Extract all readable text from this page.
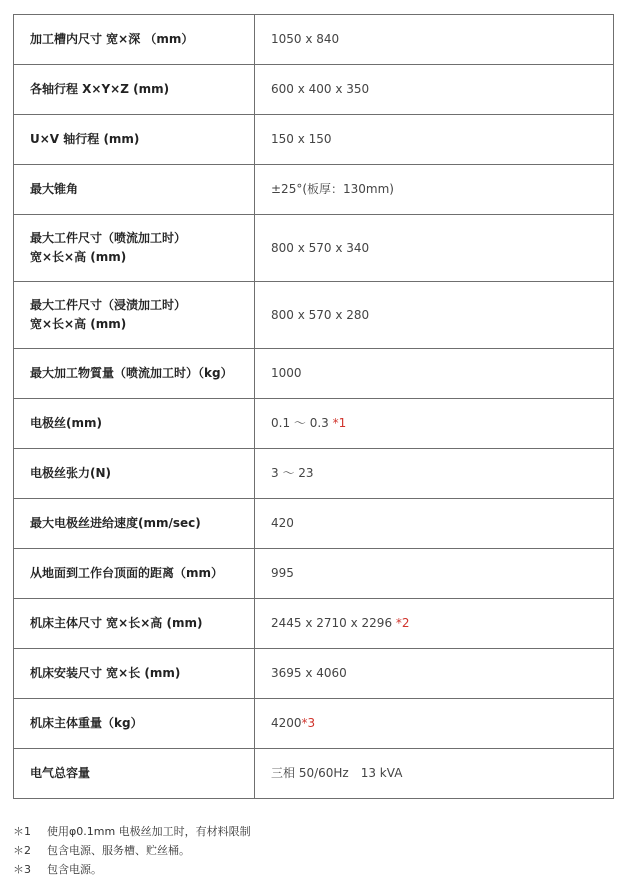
加工槽内尺寸 宽×深 （mm）	1050 x 840
各轴行程 X×Y×Z (mm)	600 x 400 x 350
U×V 轴行程 (mm)	150 x 150
最大锥角	±25°(板厚：130mm)

最大工件尺寸（喷流加工时）
宽×长×高 (mm)	800 x 570 x 340

最大工件尺寸（浸渍加工时）
宽×长×高 (mm)	800 x 570 x 280
最大加工物質量（喷流加工时）（kg）	1000
电极丝(mm)	0.1 ～ 0.3 *1
电极丝张力(N)	3 ～ 23
最大电极丝进给速度(mm/sec)	420
从地面到工作台顶面的距离（mm）	995
机床主体尺寸 宽×长×高 (mm)	2445 x 2710 x 2296 *2
机床安装尺寸 宽×长 (mm)	3695 x 4060
机床主体重量（kg）	4200*3
电气总容量	三相 50/60Hz　13 kVA
＊1	使用φ0.1mm 电极丝加工时，有材料限制
＊2	包含电源、服务槽、贮丝桶。
＊3	包含电源。
